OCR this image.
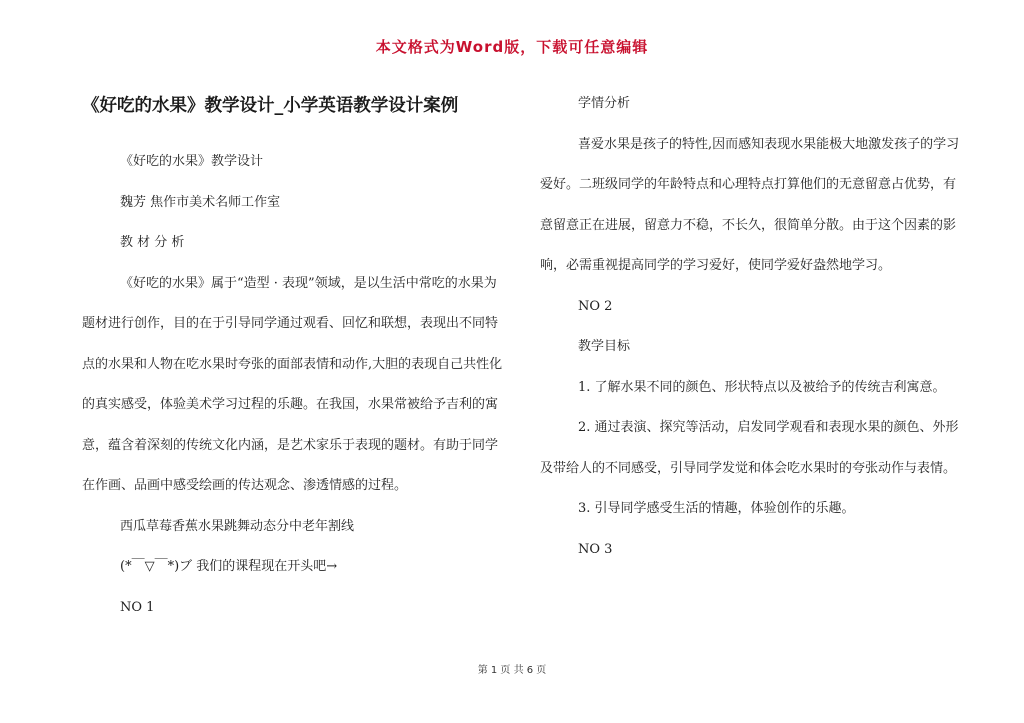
本文格式为Word版，下载可任意编辑
《好吃的水果》教学设计_小学英语教学设计案例

《好吃的水果》教学设计

魏芳 焦作市美术名师工作室

教 材 分 析

《好吃的水果》属于“造型 · 表现”领域，是以生活中常吃的水果为题材进行创作，目的在于引导同学通过观看、回忆和联想，表现出不同特点的水果和人物在吃水果时夸张的面部表情和动作,大胆的表现自己共性化的真实感受，体验美术学习过程的乐趣。在我国，水果常被给予吉利的寓意，蕴含着深刻的传统文化内涵，是艺术家乐于表现的题材。有助于同学在作画、品画中感受绘画的传达观念、渗透情感的过程。

西瓜草莓香蕉水果跳舞动态分中老年割线

(*￣▽￣*)ブ 我们的课程现在开头吧→

NO 1

学情分析

喜爱水果是孩子的特性,因而感知表现水果能极大地激发孩子的学习爱好。二班级同学的年龄特点和心理特点打算他们的无意留意占优势，有意留意正在进展，留意力不稳，不长久，很简单分散。由于这个因素的影响，必需重视提高同学的学习爱好，使同学爱好盎然地学习。

NO 2

教学目标

1. 了解水果不同的颜色、形状特点以及被给予的传统吉利寓意。

2. 通过表演、探究等活动，启发同学观看和表现水果的颜色、外形及带给人的不同感受，引导同学发觉和体会吃水果时的夸张动作与表情。

3. 引导同学感受生活的情趣，体验创作的乐趣。

NO 3

第 1 页 共 6 页
